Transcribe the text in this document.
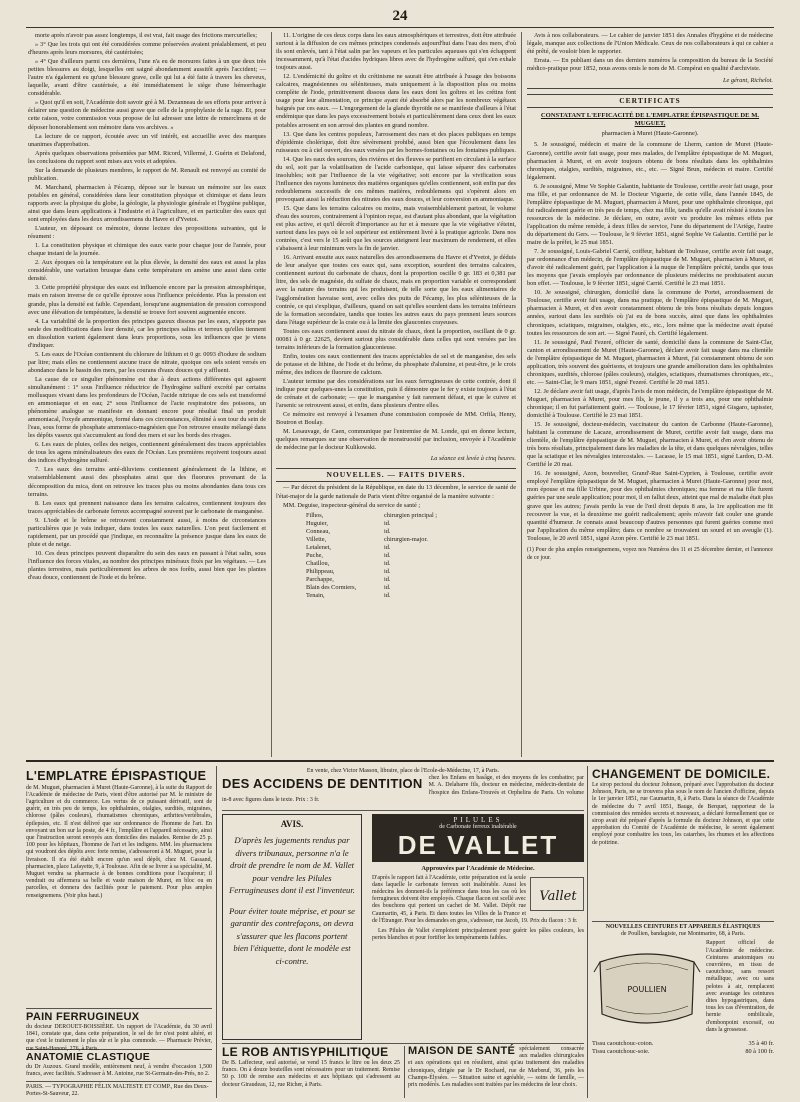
24

morte après n'avoir pas assez longtemps, il est vrai, fait usage des frictions mercurielles;

» 3° Que les trois qui ont été considérées comme préservées avaient préalablement, et peu d'heures après leurs morsures, été cautérisées;

» 4° Que d'ailleurs parmi ces dernières, l'une n'a eu de morsures faites à un que deux très petites blessures au doigt, lesquelles ont saigné abondamment aussitôt après l'accident; — l'autre n'a également eu qu'une blessure grave, celle qui lui a été faite à travers les cheveux, laquelle, avant d'être cautérisée, a été immédiatement le siège d'une hémorrhagie considérable.

» Quoi qu'il en soit, l'Académie doit savoir gré à M. Dezanneau de ses efforts pour arriver à éclairer une question de médecine aussi grave que celle de la prophylaxie de la rage. Et, pour cette raison, votre commission vous propose de lui adresser une lettre de remercîmens et de déposer honorablement son mémoire dans vos archives. »

La lecture de ce rapport, écoutée avec un vif intérêt, est accueillie avec des marques unanimes d'approbation.

Après quelques observations présentées par MM. Ricord, Villermé, J. Guérin et Delafond, les conclusions du rapport sont mises aux voix et adoptées.

Sur la demande de plusieurs membres, le rapport de M. Renault est renvoyé au comité de publication.

M. Marchand, pharmacien à Fécamp, dépose sur le bureau un mémoire sur les eaux potables en général, considérées dans leur constitution physique et chimique et dans leurs rapports avec la physique du globe, la géologie, la physiologie générale et l'hygiène publique, ainsi que dans leurs applications à l'industrie et à l'agriculture, et en particulier des eaux qui sont employées dans les deux arrondissemens du Havre et d'Yvetot.

L'auteur, en déposant ce mémoire, donne lecture des propositions suivantes, qui le résument :

1. La constitution physique et chimique des eaux varie pour chaque jour de l'année, pour chaque instant de la journée.

2. Aux époques où la température est la plus élevée, la densité des eaux est aussi la plus considérable, une variation brusque dans cette température en amène une aussi dans cette densité.

3. Cette propriété physique des eaux est influencée encore par la pression atmosphérique, mais en raison inverse de ce qu'elle éprouve sous l'influence précédente. Plus la pression est grande, plus la densité est faible. Cependant, lorsqu'une augmentation de pression correspond avec une élévation de température, la densité se trouve fort souvent augmentée encore.

4. La variabilité de la proportion des principes gazeux dissous par les eaux, n'apporte pas seule des modifications dans leur densité, car les principes salins et terreux qu'elles tiennent en dissolution varient également dans leurs proportions, sous les influences que je viens d'indiquer.

5. Les eaux de l'Océan contiennent du chlorure de lithium et 0 gr. 0093 d'iodure de sodium par litre; mais elles ne contiennent aucune trace de nitrate, quoique ces sels soient versés en abondance dans le bassin des mers, par les courans d'eaux douces qui y affluent.

La cause de ce singulier phénomène est due à deux actions différentes qui agissent simultanément : 1° sous l'influence réductrice de l'hydrogène sulfuré excrété par certains mollusques vivant dans les profondeurs de l'Océan, l'acide nitrique de ces sels est transformé en ammoniaque et en eau; 2° sous l'influence de l'acte respiratoire des poissons, un phénomène analogue se manifeste en donnant encore pour résultat final un produit ammoniacal, l'oxyde ammonique, formé dans ces circonstances, éliminé à son tour du sein de l'eau, sous forme de phosphate ammoniaco-magnésien que l'on retrouve ensuite mélangé dans les dépôts vaseux qui s'accumulent au fond des mers et sur les bords des rivages.

6. Les eaux de pluies, celles des neiges, contiennent généralement des traces appréciables de tous les agens minéralisateurs des eaux de l'Océan. Les premières reçoivent toujours aussi des indices d'hydrogène sulfuré.

7. Les eaux des terrains anté-diluviens contiennent généralement de la lithine, et vraisemblablement aussi des phosphates ainsi que des fluorures provenant de la décomposition du mica, dont on retrouve les traces plus ou moins abondantes dans tous ces terrains.

8. Les eaux qui prennent naissance dans les terrains calcaires, contiennent toujours des traces appréciables de carbonate ferreux accompagné souvent par le carbonate de manganèse.

9. L'iode et le brôme se retrouvent constamment aussi, à moins de circonstances particulières que je vais indiquer, dans toutes les eaux naturelles. L'on peut facilement et rapidement, par un procédé que j'indique, en reconnaître la présence jusque dans les eaux de pluie et de neige.

10. Ces deux principes peuvent disparaître du sein des eaux en passant à l'état salin, sous l'influence des forces vitales, au nombre des principes minéraux fixés par les végétaux. — Les plantes terrestres, mais particulièrement les arbres de nos forêts, aussi bien que les plantes d'eau douce, contiennent de l'iode et du brôme.

11. L'origine de ces deux corps dans les eaux atmosphériques et terrestres, doit être attribuée surtout à la diffusion de ces mêmes principes condensés aujourd'hui dans l'eau des mers, d'où ils sont enlevés, tant à l'état salin par les vapeurs et les particules aqueuses qui s'en échappent incessamment, qu'à l'état d'acides hydriques libres avec de l'hydrogène sulfuré, qui s'en exhale toujours aussi.

12. L'endémicité du goître et du crétinisme ne saurait être attribuée à l'usage des boissons calcaires, magnésiennes ou séléniteuses, mais uniquement à la disposition plus ou moins complète de l'iode, primitivement dissous dans les eaux dont les goîtres et les crétins font usage pour leur alimentation, ce principe ayant été absorbé alors par les nombreux végétaux baignés par ces eaux. — L'engorgement de la glande thyroïde ne se manifeste d'ailleurs à l'état endémique que dans les pays excessivement boisés et particulièrement dans ceux dont les eaux potables arrosent en son arrosé des plantes en grand nombre.

13. Que dans les centres populeux, l'arrosement des rues et des places publiques en temps d'épidémie cholérique, doit être sévèrement prohibé, aussi bien que l'écoulement dans les ruisseaux ou à ciel ouvert, des eaux versées par les bornes-fontaines ou les fontaines publiques.

14. Que les eaux des sources, des rivières et des fleuves se purifient en circulant à la surface du sol, soit par la volatilisation de l'acide carbonique, qui laisse séparer des carbonates insolubles; soit par l'influence de la vie végétative; soit encore par la vivification sous l'influence des rayons lumineux des matières organiques qu'elles contiennent, soit enfin par des redoublemens successifs de ces mêmes matières, redoublemens qui s'opèrent alors en provoquant aussi la réduction des nitrates des eaux douces, et leur conversion en ammoniaque.

15. Que dans les terrains calcaires ou moins, mais vraisemblablement partout, le volume d'eau des sources, contrairement à l'opinion reçue, est d'autant plus abondant, que la végétation est plus active, et qu'il décroît d'importance au fur et à mesure que la vie végétative s'éteint, surtout dans les pays où le sol supérieur est entièrement livré à la pratique agricole. Dans nos contrées, c'est vers le 15 août que les sources atteignent leur maximum de rendement, et elles s'abaissent à leur minimum vers la fin de janvier.

16. Arrivant ensuite aux eaux naturelles des arrondissemens du Havre et d'Yvetot, je déduis de leur analyse que toutes ces eaux qui, sans exception, sourdent des terrains calcaires, contiennent surtout du carbonate de chaux, dont la proportion oscille 0 gr. 183 et 0,381 par litre, des sels de magnésie, du sulfate de chaux, mais en proportion variable et correspondant avec la nature des terrains qui les produisent, de telle sorte que les eaux alimentaires de l'agglomération havraise sont, avec celles des puits de Fécamp, les plus séléniteuses de la contrée, ce qui s'explique, d'ailleurs, quand on sait qu'elles sourdent dans les terrains inférieurs de la formation secondaire, tandis que toutes les autres eaux du pays prennent leurs sources dans l'étage supérieur de la craie ou à la limite des glauconies crayeuses.

Toutes ces eaux contiennent aussi du nitrate de chaux, dont la proportion, oscillant de 0 gr. 00081 à 0 gr. 22625, devient surtout plus considérable dans celles qui sont versées par les terrains inférieurs de la formation glauconieuse.

Enfin, toutes ces eaux contiennent des traces appréciables de sel et de manganèse, des sels de potasse et de lithine, de l'iode et du brôme, du phosphate d'alumine, et peut-être, je le crois même, des indices de fluorure de calcium.

L'auteur termine par des considérations sur les eaux ferrugineuses de cette contrée, dont il indique pour quelques-unes la constitution, puis il démontre que le fer y existe toujours à l'état de crénate et de carbonate; — que le manganèse y fait rarement défaut, et que le cuivre et l'arsenic se retrouvent aussi, et enfin, dans plusieurs d'entre elles.

Ce mémoire est renvoyé à l'examen d'une commission composée de MM. Orfila, Henry, Boutron et Boulay.

M. Lesauvage, de Caen, communique par l'entremise de M. Londe, qui en donne lecture, quelques remarques sur une observation de monstruosité par inclusion, envoyée à l'Académie de médecine par le docteur Kulikowski.

La séance est levée à cinq heures.
NOUVELLES. — FAITS DIVERS.

— Par décret du président de la République, en date du 13 décembre, le service de santé de l'état-major de la garde nationale de Paris vient d'être organisé de la manière suivante :

MM. Deguise, inspecteur-général du service de santé ;

Filhos,	chirurgien principal ;
Huguier,	id.
Conneau,	id.
Villette,	chirurgien-major.
Letalenet,	id.
Puche,	id.
Chaillou,	id.
Philippeau,	id.
Parchappe,	id.
Blain des Cormiers,	id.
Tenain,	id.

Avis à nos collaborateurs. — Le cahier de janvier 1851 des Annales d'hygiène et de médecine légale, manque aux collections de l'Union Médicale. Ceux de nos collaborateurs à qui ce cahier a été prêté, de vouloir bien le rapporter.

Errata. — En publiant dans un des derniers numéros la composition du bureau de la Société médico-pratique pour 1852, nous avons omis le nom de M. Compérat en qualité d'archiviste.

Le gérant, Richelot.
CERTIFICATS
CONSTATANT L'EFFICACITÉ DE L'EMPLATRE ÉPISPASTIQUE DE M. MUGUET,
pharmacien à Muret (Haute-Garonne).

5. Je soussigné, médecin et maire de la commune de Lherm, canton de Muret (Haute-Garonne), certifie avoir fait usage, pour mes malades, de l'emplâtre épispastique de M. Muguet, pharmacien à Muret, et en avoir toujours obtenu de bons résultats dans les ophthalmies chroniques, otalgies, surdités, migraines, etc., etc. — Signé Brun, médecin et maire. Certifié légalement.

6. Je soussigné, Mme Ve Sophie Galantin, habitante de Toulouse, certifie avoir fait usage, pour ma fille, et par ordonnance de M. le Docteur Viguerie, de cette ville, dans l'année 1845, de l'emplâtre épispastique de M. Muguet, pharmacien à Muret, pour une ophthalmie chronique, qui fut radicalement guérie en très peu de temps, chez ma fille, tandis qu'elle avait résisté à toutes les ressources de la médecine. Je déclare, en outre, avoir vu produire les mêmes effets par l'application du même remède, à deux filles de service, l'une du département de l'Ariége, l'autre du département du Gers. — Toulouse, le 9 février 1851, signé Sophie Ve Galantin. Certifié par le maire de la préfet, le 25 mai 1851.

7. Je soussigné, Louis-Gabriel Carrié, coiffeur, habitant de Toulouse, certifie avoir fait usage, par ordonnance d'un médecin, de l'emplâtre épispastique de M. Muguet, pharmacien à Muret, et d'avoir été radicalement guéri, par l'application à la nuque de l'emplâtre précité, tandis que tous les moyens que j'avais employés par ordonnance de plusieurs médecins ne produisaient aucun bon effet. — Toulouse, le 9 février 1851, signé Carrié. Certifié le 23 mai 1851.

10. Je soussigné, chirurgien, domicilié dans la commune de Portet, arrondissement de Toulouse, certifie avoir fait usage, dans ma pratique, de l'emplâtre épispastique de M. Muguet, pharmacien à Muret, et d'en avoir constamment obtenu de très bons résultats depuis longues années, surtout dans les surdités où j'ai eu de bons succès, ainsi que dans les ophthalmies chroniques, sciatiques, migraines, otalgies, etc., etc., lors même que la médecine avait épuisé toutes les ressources de son art. — Signé Fauré, ch. Certifié légalement.

11. Je soussigné, Paul Fezeré, officier de santé, domicilié dans la commune de Saint-Clar, canton et arrondissement de Muret (Haute-Garonne), déclare avoir fait usage dans ma clientèle de l'emplâtre épispastique de M. Muguet, pharmacien à Muret, j'ai constamment obtenu de son application, très souvent des guérisons, et toujours une grande amélioration dans les ophthalmies chroniques, surdités, chlorose (pâles couleurs), otalgies, sciatiques, rhumatismes chroniques, etc., etc. — Saint-Clar, le 9 mars 1851, signé Fezeré. Certifié le 20 mai 1851.

12. Je déclare avoir fait usage, d'après l'avis de mon médecin, de l'emplâtre épispastique de M. Muguet, pharmacien à Muret, pour mes fils, le jeune, il y a trois ans, pour une ophthalmie chronique; il en fut parfaitement guéri. — Toulouse, le 17 février 1851, signé Gisgaro, tapissier, domicilié à Toulouse. Certifié le 23 mai 1851.

15. Je soussigné, docteur-médecin, vaccinateur du canton de Carbonne (Haute-Garonne), habitant la commune de Lacaze, arrondissement de Muret, certifie avoir fait usage, dans ma clientèle, de l'emplâtre épispastique de M. Muguet, pharmacien à Muret, et d'en avoir obtenu de très bons résultats, principalement dans les maladies de la tête, et dans quelques névralgies, telles que la sciatique et les névralgies intercostales. — Lacasse, le 15 mai 1851, signé Lardon, D.-M. Certifié le 20 mai.

16. Je soussigné, Azon, bouvrelier, Grand'-Rue Saint-Cyprien, à Toulouse, certifie avoir employé l'emplâtre épispastique de M. Muguet, pharmacien à Muret (Haute-Garonne) pour moi, mon épouse et ma fille Urbine, pour des ophthalmies chroniques; ma femme et ma fille furent guéries par une seule application; pour moi, il en fallut deux, atteint que mal de maladie était plus grave que les autres; j'avais perdu la vue de l'œil droit depuis 8 ans, la 1re application me fit recouvrer la vue, et la deuxième me guérit radicalement; après m'avoir fait couler une grande quantité d'humeur. Je connais aussi beaucoup d'autres personnes qui furent guéries comme moi par l'application du même emplâtre; dans ce nombre se trouvaient un sourd et un aveugle (1). Toulouse, le 20 avril 1851, signé Azon père. Certifié le 23 mai 1851.

(1) Pour de plus amples renseignemens, voyez nos Numéros des 11 et 25 décembre dernier, et l'annonce de ce jour.
L'EMPLATRE ÉPISPASTIQUE
de M. Muguet, pharmacien à Muret (Haute-Garonne), à la suite du Rapport de l'Académie de médecine de Paris, vient d'être autorisé par M. le ministre de l'agriculture et du commerce. Les vertus de ce puissant dérivatif, sont de guérir, en très peu de temps, les ophthalmies, otalgies, surdités, migraines, chlorose (pâles couleurs), rhumatismes chroniques, arthrites/vertébrales, épilepsies, etc. Il n'est délivré que sur ordonnance de l'homme de l'art. En envoyant un bon sur la poste, de 4 fr., l'emplâtre et l'appareil nécessaire, ainsi que l'instruction seront envoyés aux domiciles des malades. Remise de 25 p. 100 pour les hôpitaux, l'homme de l'art et les indigens. MM. les pharmaciens qui voudront des dépôts avec forte remise, s'adresseront à M. Muguet, pour la livraison. Il n'a été établi encore qu'un seul dépôt, chez M. Gassand, pharmacien, place Lafayette, 9, à Toulouse. Afin de se livrer à sa spécialité, M. Muguet vendra sa pharmacie à de bonnes conditions pour l'acquéreur; il vendrait ou affermera sa belle et vaste maison de Muret, en bloc ou en parcelles, et donnera des facilités pour le paiement. Pour plus amples renseignemens. (Voir plus haut.)
PAIN FERRUGINEUX
du docteur DEROUET-BOISSIÈRE. Un rapport de l'Académie, du 30 avril 1841, constate que, dans cette préparation, le sel de fer n'est point altéré, et que c'est le traitement le plus sûr et le plus commode. — Pharmacie Prévier, rue Saint-Honoré, 276, à Paris.
ANATOMIE CLASTIQUE
du Dr Auzoux. Grand modèle, entièrement neuf, à vendre d'occasion 1,500 francs, avec facilités. S'adresser à M. Antoine, rue St-Germain-des-Prés, no 2.
PARIS. — TYPOGRAPHIE FÉLIX MALTESTE ET COMP., Rue des Deux-Portes-St-Sauveur, 22.
En vente, chez Victor Masson, libraire, place de l'Ecole-de-Médecine, 17, à Paris.
DES ACCIDENS DE DENTITION	chez les Enfans en basâge, et des moyens de les combattre; par M. A. Delabarre fils, docteur en médecine, médecin-dentiste de l'hospice des Enfans-Trouvés et Orphelins de Paris. Un volume in-8 avec figures dans le texte. Prix : 3 fr.
AVIS.
D'après les jugements rendus par divers tribunaux, personne n'a le droit de prendre le nom de M. Vallet pour vendre les Pilules Ferrugineuses dont il est l'inventeur.
Pour éviter toute méprise, et pour se garantir des contrefaçons, on devra s'assurer que les flacons portent bien l'étiquette, dont le modèle est ci-contre.
PILULES
de Carbonate ferreux inaltérable
DE VALLET
Approuvées par l'Académie de Médecine.
Vallet
D'après le rapport fait à l'Académie, cette préparation est la seule dans laquelle le carbonate ferreux soit inaltérable. Aussi les médecins les donnent-ils la préférence dans tous les cas où les ferrugineux doivent être employés. Chaque flacon est scellé avec des bouchons qui portent un cachet de M. Vallet. Dépôt rue Caumartin, 45, à Paris. Et dans toutes les Villes de la France et de l'Étranger. Pour les demandes en gros, s'adresser, rue Jacob, 19. Prix du flacon : 3 fr.
Les Pilules de Vallet s'emploient principalement pour guérir les pâles couleurs, les pertes blanches et pour fortifier les tempéraments faibles.
LE ROB ANTISYPHILITIQUE
De B. Laffecteur, seul autorisé, se vend 15 francs le litre ou les deux 25 francs. On à douze bouteilles sont nécessaires pour un traitement. Remise 50 p. 100 de remise aux médecins et aux hôpitaux qui s'adressent au docteur Giraudeau, 12, rue Richer, à Paris.
MAISON DE SANTÉ spécialement consacrée aux maladies chirurgicales et aux opérations qui en résultent, ainsi qu'au traitement des maladies chroniques, dirigée par le Dr Rochard, rue de Marbœuf, 36, près les Champs-Élysées. — Situation saine et agréable, — soins de famille, — prix modérés. Les maladies sont traitées par les médecins de leur choix.
CHANGEMENT DE DOMICILE.
Le sirop pectoral du docteur Johnson, préparé avec l'approbation du docteur Johnson, Paris, ne se trouvera plus sous le nom de l'ancien d'officine, depuis le 1er janvier 1851, rue Caumartin, 8, à Paris. Dans la séance de l'Académie de médecine du 7 avril 1851, Bauge, de Berquet, rapporteur de la commission des remèdes secrets et nouveaux, a déclaré formellement que ce sirop avait été préparé d'après la formule du docteur Johnson, et que cette approbation du Comité de l'Académie de médecine, le seront également employé pour combattre les toux, les catarrhes, les rhumes et les affections de poitrine.
NOUVELLES CEINTURES ET APPAREILS ÉLASTIQUES
de Poullien, bandagiste, rue Montmartre, 68, à Paris.
POULLIEN
Rapport officiel de l'Académie de médecine. Ceintures anatomiques ou couvrières, en tissu de caoutchouc, sans ressort métallique, avec ou sans pelotes à air, remplacent avec avantage les ceintures dites hypogastriques, dans tous les cas d'éventration, de hernie ombilicale, d'embonpoint excessif, ou dans la grossesse.
Tissu caoutchouc-coton.	35 à 40 fr.
Tissu caoutchouc-soie.	80 à 100 fr.
